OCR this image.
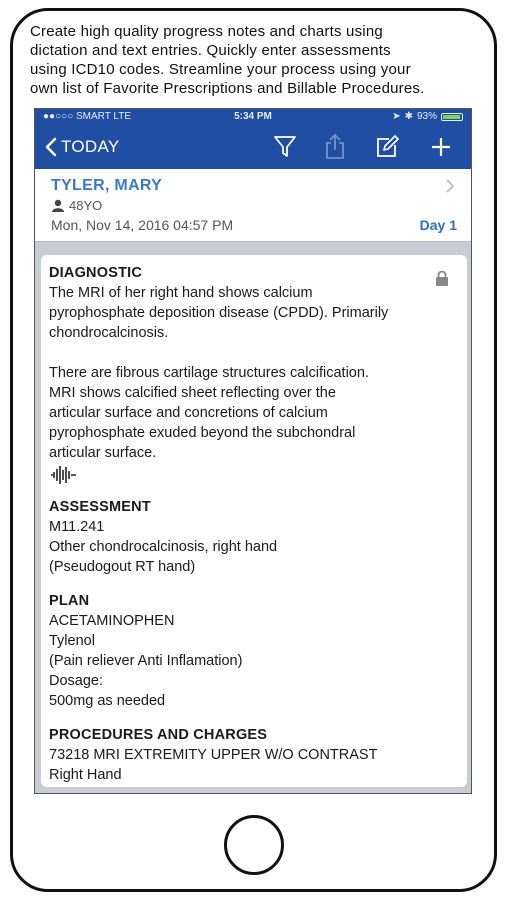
Create high quality progress notes and charts using
dictation and text entries. Quickly enter assessments
using ICD10 codes. Streamline your process using your
own list of Favorite Prescriptions and Billable Procedures.
●●○○○ SMART LTE	5:34 PM	➤ ✱ 93%
TODAY
TYLER, MARY
48YO
Mon, Nov 14, 2016 04:57 PM	Day 1
DIAGNOSTIC
The MRI of her right hand shows calcium
pyrophosphate deposition disease (CPDD). Primarily
chondrocalcinosis.
There are fibrous cartilage structures calcification.
MRI shows calcified sheet reflecting over the
articular surface and concretions of calcium
pyrophosphate exuded beyond the subchondral
articular surface.
ASSESSMENT
M11.241
Other chondrocalcinosis, right hand
(Pseudogout RT hand)
PLAN
ACETAMINOPHEN
Tylenol
(Pain reliever Anti Inflamation)
Dosage:
500mg as needed
PROCEDURES AND CHARGES
73218 MRI EXTREMITY UPPER W/O CONTRAST
Right Hand
